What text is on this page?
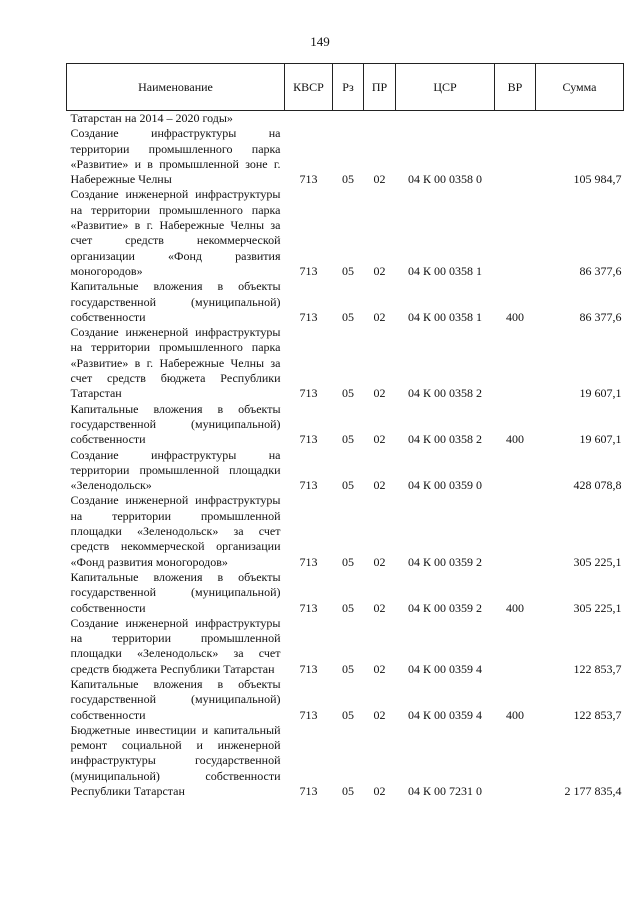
149
Наименование	КВСР	Рз	ПР	ЦСР	ВР	Сумма
Татарстан на 2014 – 2020 годы»						
Создание инфраструктуры на территории промышленного парка «Развитие» и в промышленной зоне г. Набережные Челны	713	05	02	04 К 00 0358 0		105 984,7
Создание инженерной инфраструктуры на территории промышленного парка «Развитие» в г. Набережные Челны за счет средств некоммерческой организации «Фонд развития моногородов»	713	05	02	04 К 00 0358 1		86 377,6
Капитальные вложения в объекты государственной (муниципальной) собственности	713	05	02	04 К 00 0358 1	400	86 377,6
Создание инженерной инфраструктуры на территории промышленного парка «Развитие» в г. Набережные Челны за счет средств бюджета Республики Татарстан	713	05	02	04 К 00 0358 2		19 607,1
Капитальные вложения в объекты государственной (муниципальной) собственности	713	05	02	04 К 00 0358 2	400	19 607,1
Создание инфраструктуры на территории промышленной площадки «Зеленодольск»	713	05	02	04 К 00 0359 0		428 078,8
Создание инженерной инфраструктуры на территории промышленной площадки «Зеленодольск» за счет средств некоммерческой организации «Фонд развития моногородов»	713	05	02	04 К 00 0359 2		305 225,1
Капитальные вложения в объекты государственной (муниципальной) собственности	713	05	02	04 К 00 0359 2	400	305 225,1
Создание инженерной инфраструктуры на территории промышленной площадки «Зеленодольск» за счет средств бюджета Республики Татарстан	713	05	02	04 К 00 0359 4		122 853,7
Капитальные вложения в объекты государственной (муниципальной) собственности	713	05	02	04 К 00 0359 4	400	122 853,7
Бюджетные инвестиции и капитальный ремонт социальной и инженерной инфраструктуры государственной (муниципальной) собственности Республики Татарстан	713	05	02	04 К 00 7231 0		2 177 835,4
